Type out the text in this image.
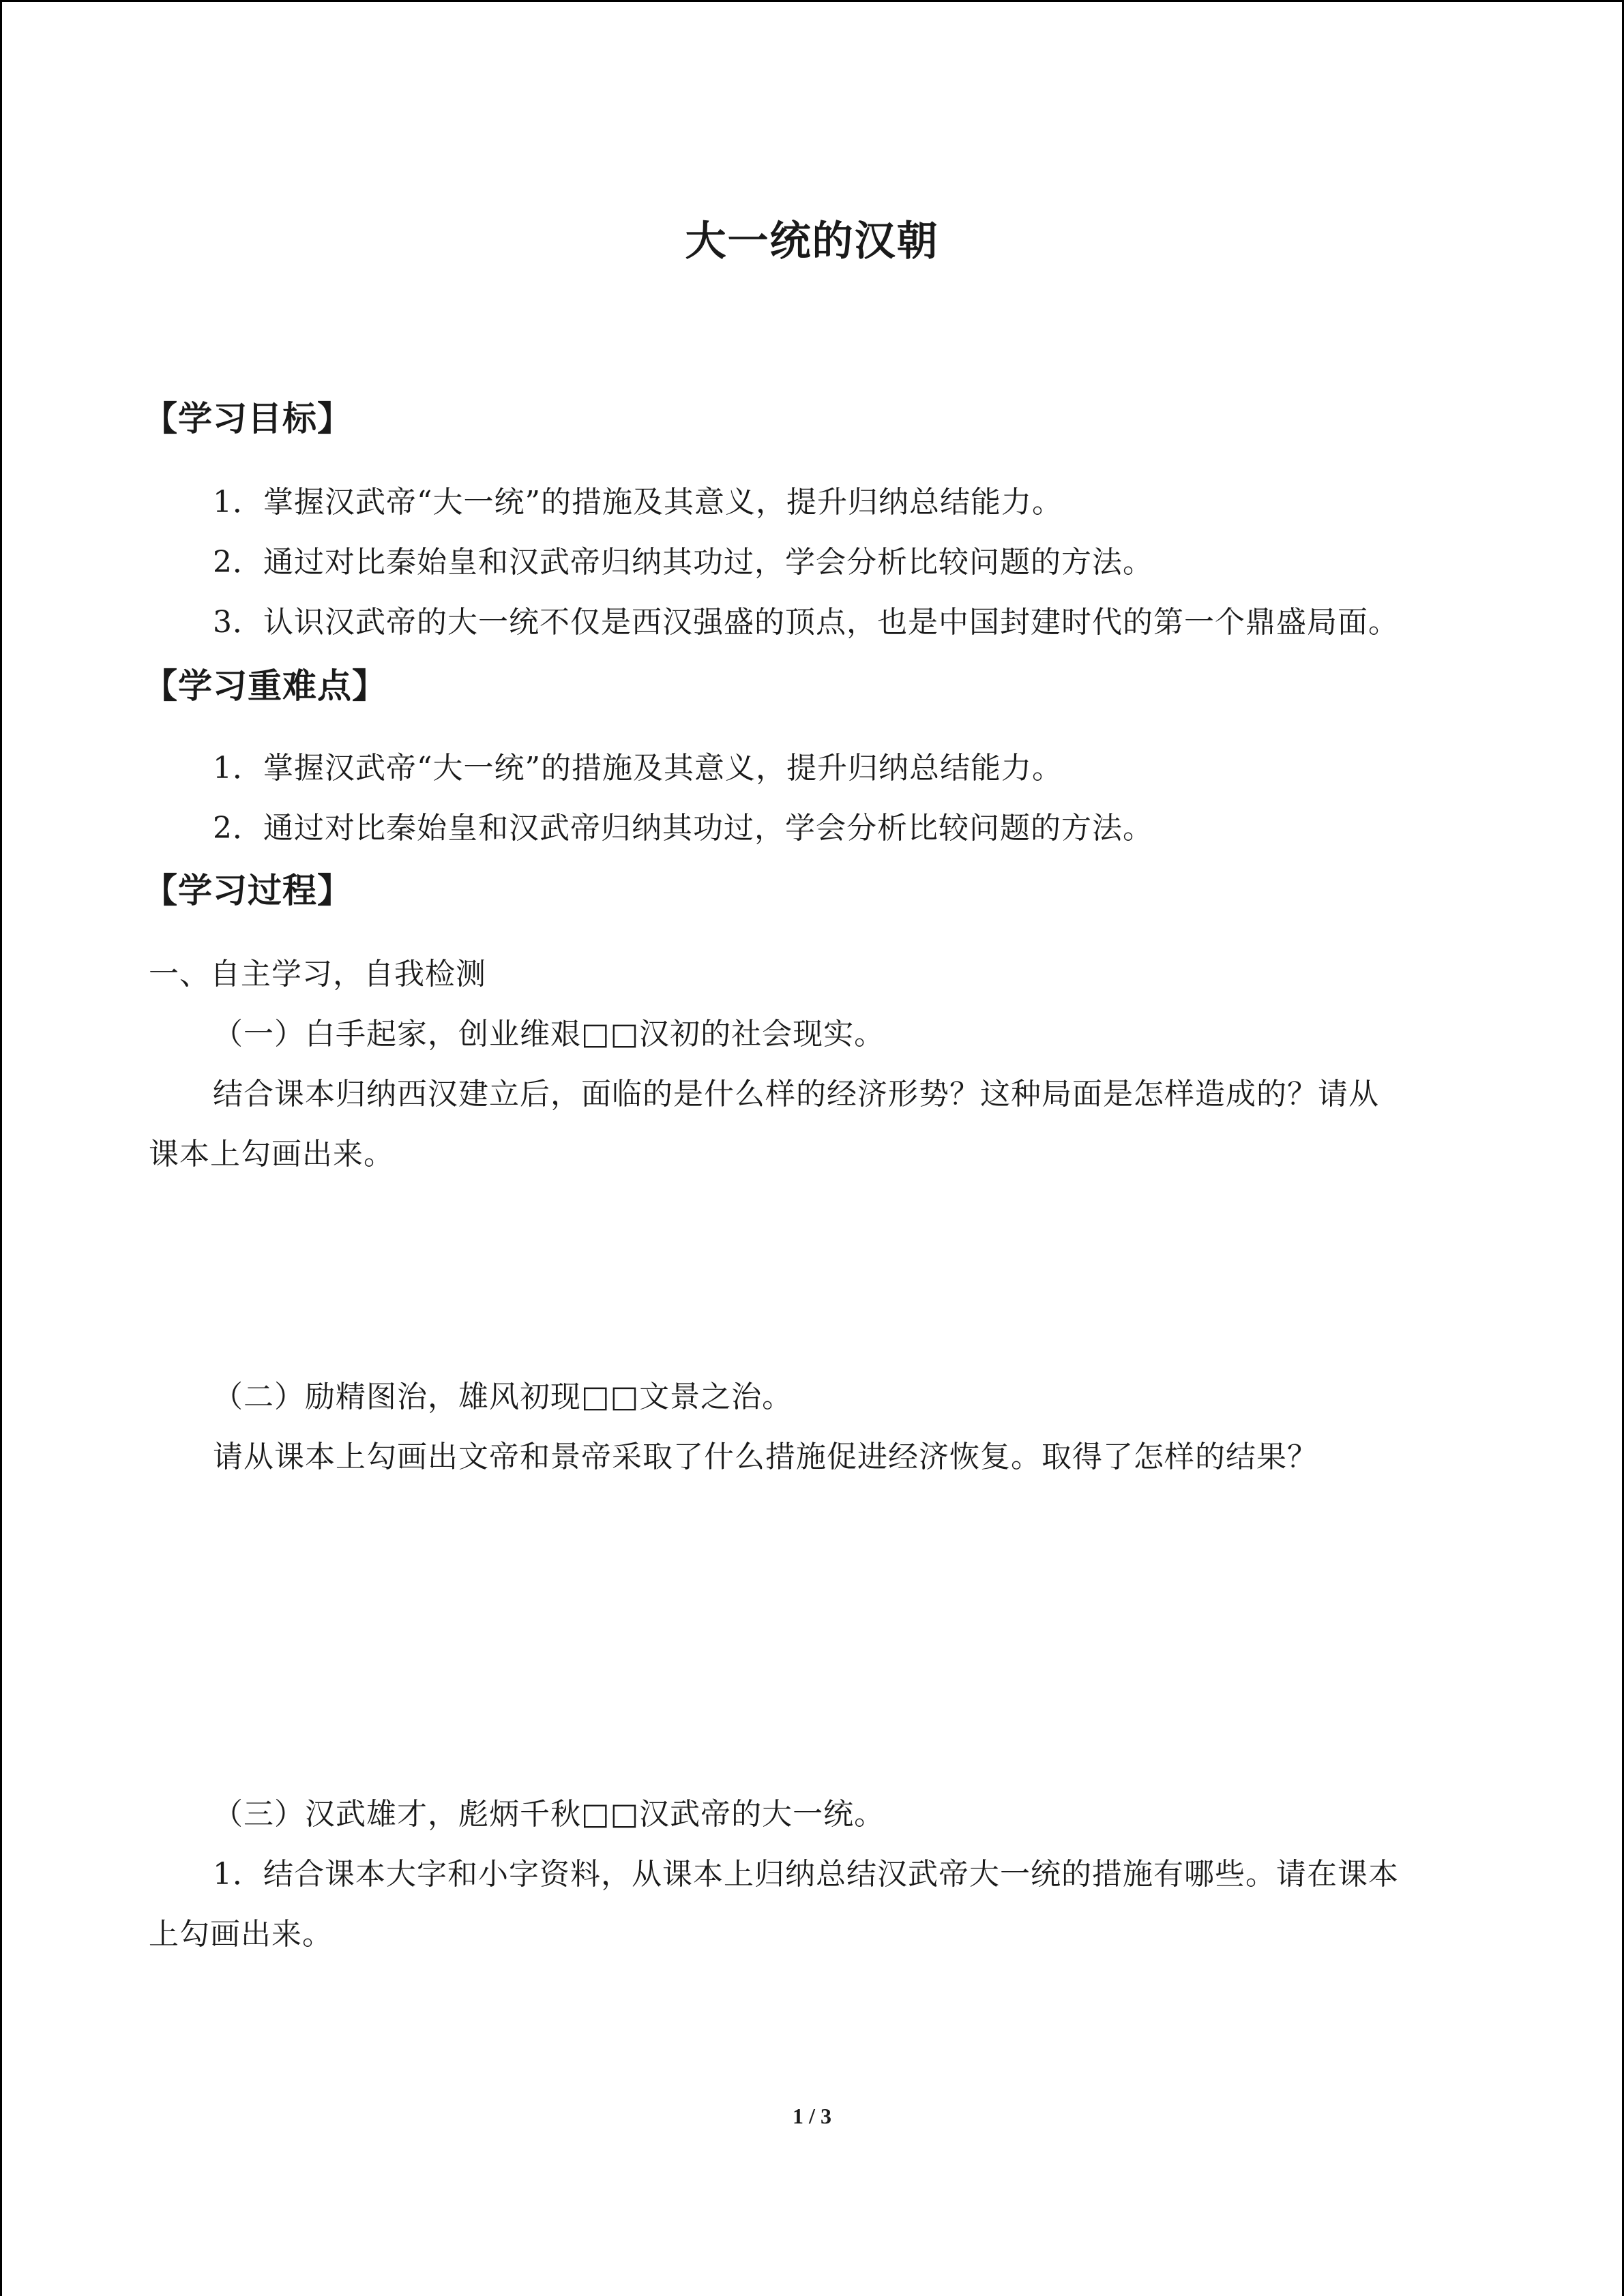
大一统的汉朝
【学习目标】
1．掌握汉武帝“大一统”的措施及其意义，提升归纳总结能力。
2．通过对比秦始皇和汉武帝归纳其功过，学会分析比较问题的方法。
3．认识汉武帝的大一统不仅是西汉强盛的顶点，也是中国封建时代的第一个鼎盛局面。
【学习重难点】
1．掌握汉武帝“大一统”的措施及其意义，提升归纳总结能力。
2．通过对比秦始皇和汉武帝归纳其功过，学会分析比较问题的方法。
【学习过程】
一、自主学习，自我检测
（一）白手起家，创业维艰□□汉初的社会现实。
结合课本归纳西汉建立后，面临的是什么样的经济形势？这种局面是怎样造成的？请从
课本上勾画出来。
（二）励精图治，雄风初现□□文景之治。
请从课本上勾画出文帝和景帝采取了什么措施促进经济恢复。取得了怎样的结果？
（三）汉武雄才，彪炳千秋□□汉武帝的大一统。
1．结合课本大字和小字资料，从课本上归纳总结汉武帝大一统的措施有哪些。请在课本
上勾画出来。
1 / 3
